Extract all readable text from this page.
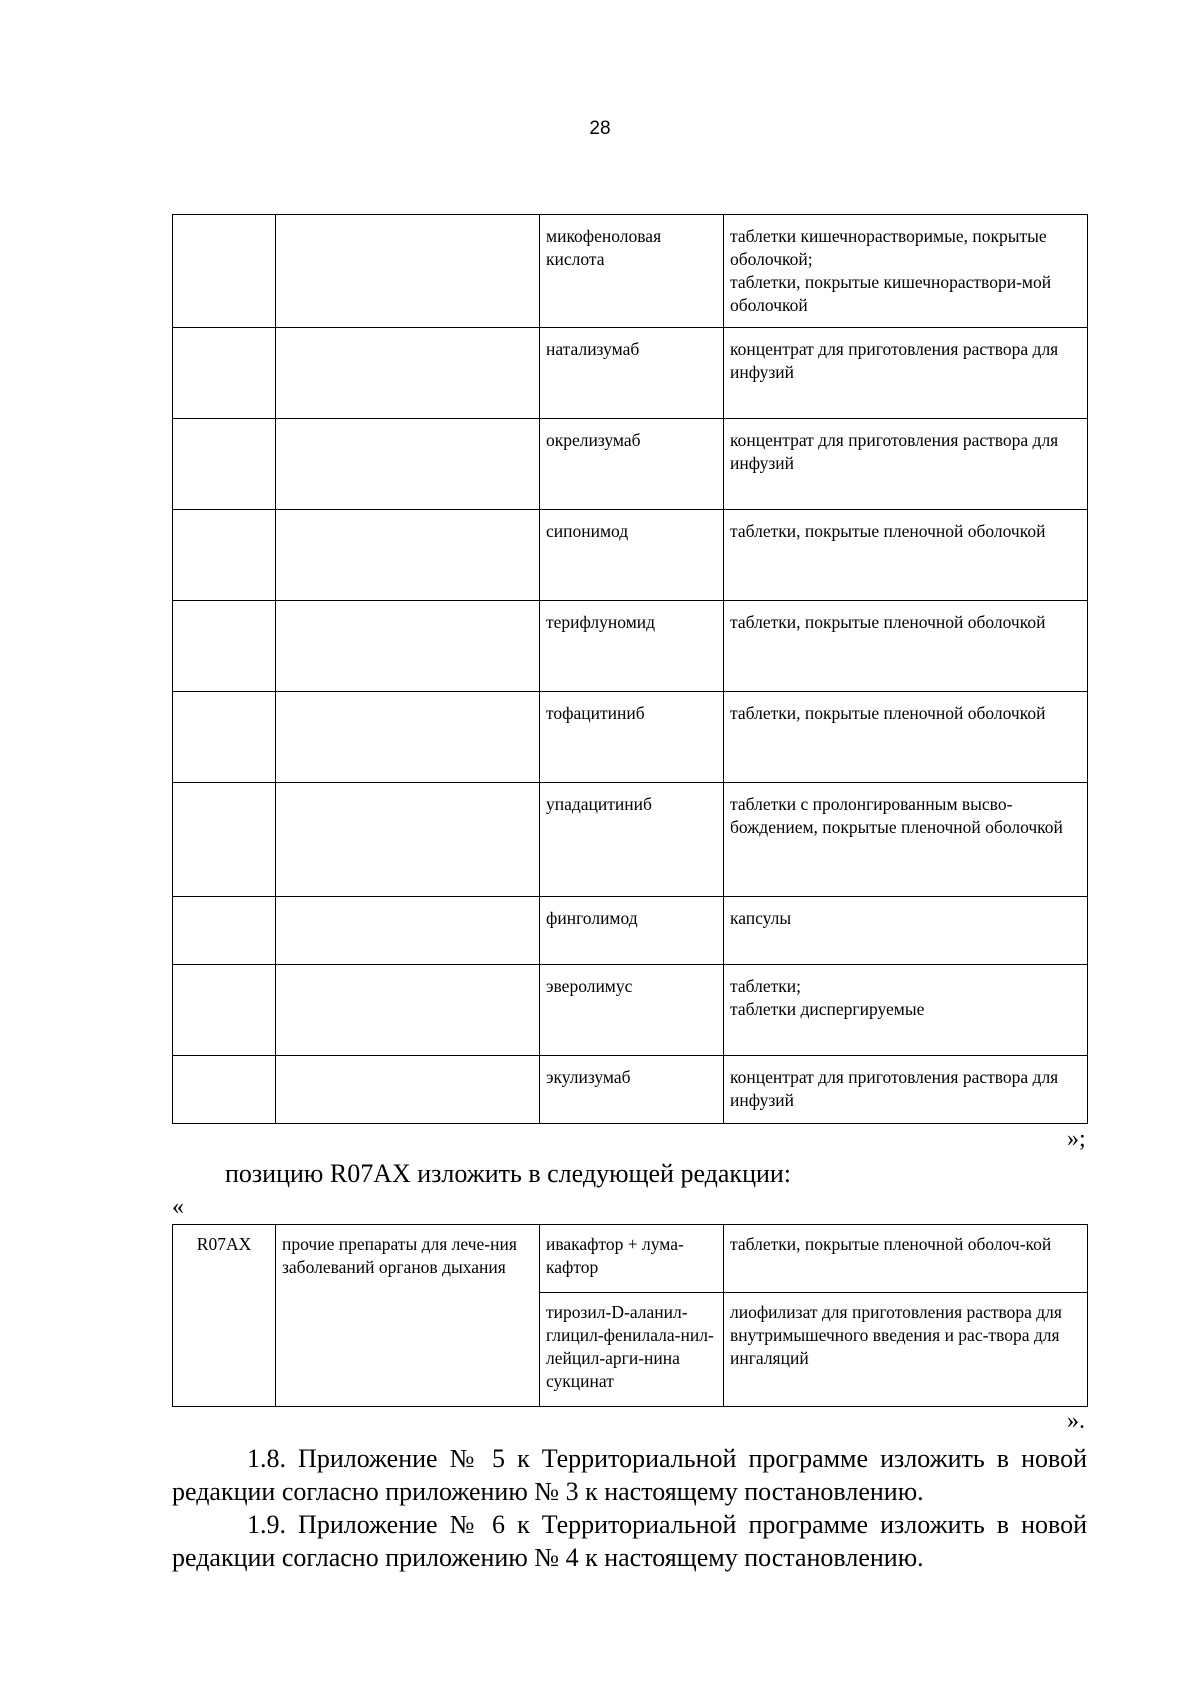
28
		микофеноловая кислота	таблетки кишечнорастворимые, покрытые оболочкой;
таблетки, покрытые кишечнораствори-мой оболочкой
		натализумаб	концентрат для приготовления раствора для инфузий
		окрелизумаб	концентрат для приготовления раствора для инфузий
		сипонимод	таблетки, покрытые пленочной оболочкой
		терифлуномид	таблетки, покрытые пленочной оболочкой
		тофацитиниб	таблетки, покрытые пленочной оболочкой
		упадацитиниб	таблетки с пролонгированным высво-бождением, покрытые пленочной оболочкой
		финголимод	капсулы
		эверолимус	таблетки;
таблетки диспергируемые
		экулизумаб	концентрат для приготовления раствора для инфузий
»;
позицию R07AX изложить в следующей редакции:
«
R07AX	прочие препараты для лече-ния заболеваний органов дыхания	ивакафтор + лума-кафтор	таблетки, покрытые пленочной оболоч-кой
		тирозил-D-аланил-глицил-фенилала-нил-лейцил-арги-нина сукцинат	лиофилизат для приготовления раствора для внутримышечного введения и рас-твора для ингаляций
».

1.8. Приложение № 5 к Территориальной программе изложить в новой редакции согласно приложению № 3 к настоящему постановлению.

1.9. Приложение № 6 к Территориальной программе изложить в новой редакции согласно приложению № 4 к настоящему постановлению.
